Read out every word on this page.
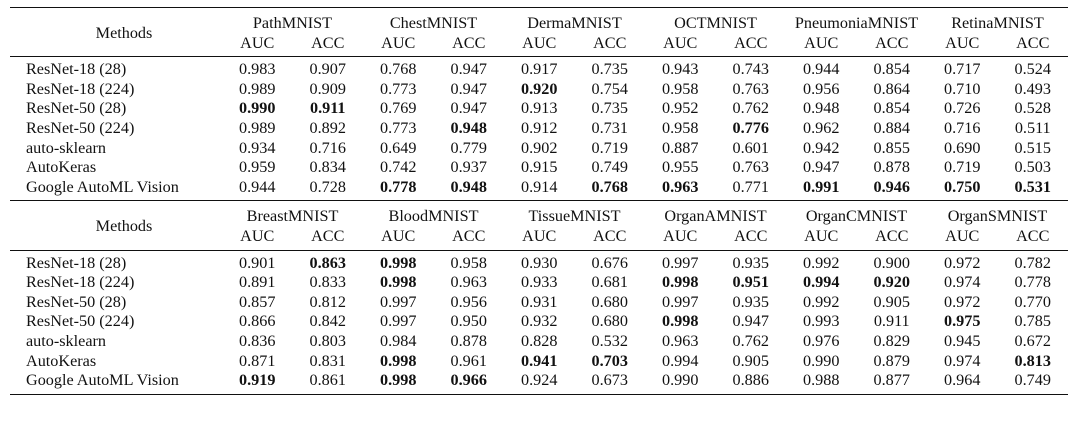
Methods	PathMNIST		ChestMNIST		DermaMNIST		OCTMNIST		PneumoniaMNIST		RetinaMNIST	
	AUC	ACC	AUC	ACC	AUC	ACC	AUC	ACC	AUC	ACC	AUC	ACC

ResNet-18 (28)	0.983	0.907	0.768	0.947	0.917	0.735	0.943	0.743	0.944	0.854	0.717	0.524
ResNet-18 (224)	0.989	0.909	0.773	0.947	0.920	0.754	0.958	0.763	0.956	0.864	0.710	0.493
ResNet-50 (28)	0.990	0.911	0.769	0.947	0.913	0.735	0.952	0.762	0.948	0.854	0.726	0.528
ResNet-50 (224)	0.989	0.892	0.773	0.948	0.912	0.731	0.958	0.776	0.962	0.884	0.716	0.511
auto-sklearn	0.934	0.716	0.649	0.779	0.902	0.719	0.887	0.601	0.942	0.855	0.690	0.515
AutoKeras	0.959	0.834	0.742	0.937	0.915	0.749	0.955	0.763	0.947	0.878	0.719	0.503
Google AutoML Vision	0.944	0.728	0.778	0.948	0.914	0.768	0.963	0.771	0.991	0.946	0.750	0.531

Methods	BreastMNIST		BloodMNIST		TissueMNIST		OrganAMNIST		OrganCMNIST		OrganSMNIST	
	AUC	ACC	AUC	ACC	AUC	ACC	AUC	ACC	AUC	ACC	AUC	ACC

ResNet-18 (28)	0.901	0.863	0.998	0.958	0.930	0.676	0.997	0.935	0.992	0.900	0.972	0.782
ResNet-18 (224)	0.891	0.833	0.998	0.963	0.933	0.681	0.998	0.951	0.994	0.920	0.974	0.778
ResNet-50 (28)	0.857	0.812	0.997	0.956	0.931	0.680	0.997	0.935	0.992	0.905	0.972	0.770
ResNet-50 (224)	0.866	0.842	0.997	0.950	0.932	0.680	0.998	0.947	0.993	0.911	0.975	0.785
auto-sklearn	0.836	0.803	0.984	0.878	0.828	0.532	0.963	0.762	0.976	0.829	0.945	0.672
AutoKeras	0.871	0.831	0.998	0.961	0.941	0.703	0.994	0.905	0.990	0.879	0.974	0.813
Google AutoML Vision	0.919	0.861	0.998	0.966	0.924	0.673	0.990	0.886	0.988	0.877	0.964	0.749
